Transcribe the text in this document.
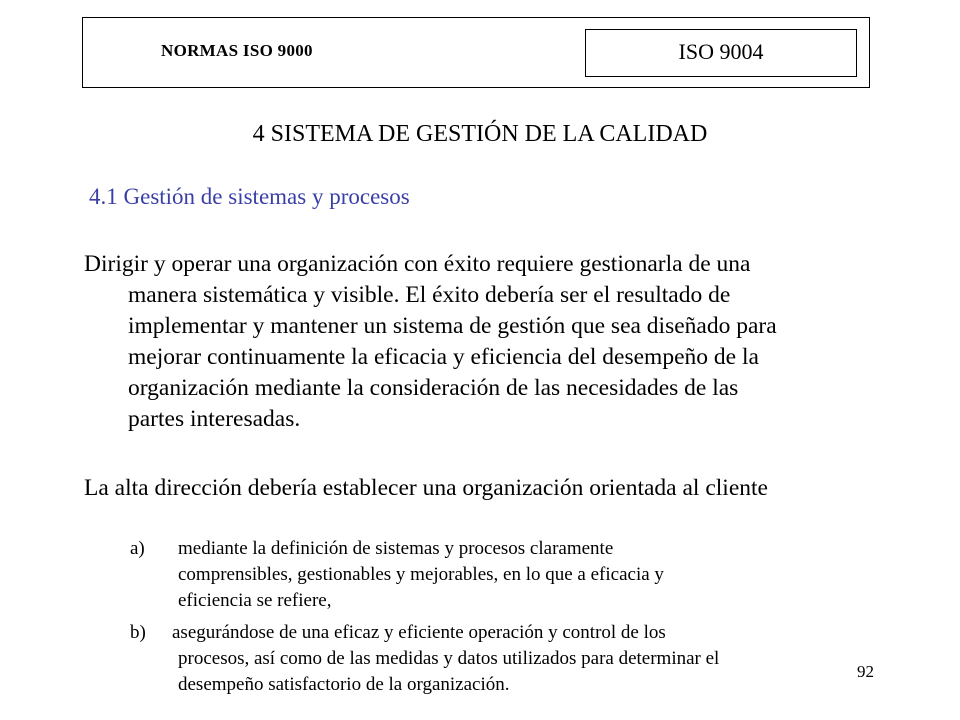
NORMAS ISO 9000	ISO 9004
4 SISTEMA DE GESTIÓN DE LA CALIDAD
4.1 Gestión de sistemas y procesos

Dirigir y operar una organización con éxito requiere gestionarla de una
manera sistemática y visible. El éxito debería ser el resultado de
implementar y mantener un sistema de gestión que sea diseñado para
mejorar continuamente la eficacia y eficiencia del desempeño de la
organización mediante la consideración de las necesidades de las
partes interesadas.

La alta dirección debería establecer una organización orientada al cliente

a) mediante la definición de sistemas y procesos claramente
comprensibles, gestionables y mejorables, en lo que a eficacia y
eficiencia se refiere,
b) asegurándose de una eficaz y eficiente operación y control de los
procesos, así como de las medidas y datos utilizados para determinar el
desempeño satisfactorio de la organización.
92
